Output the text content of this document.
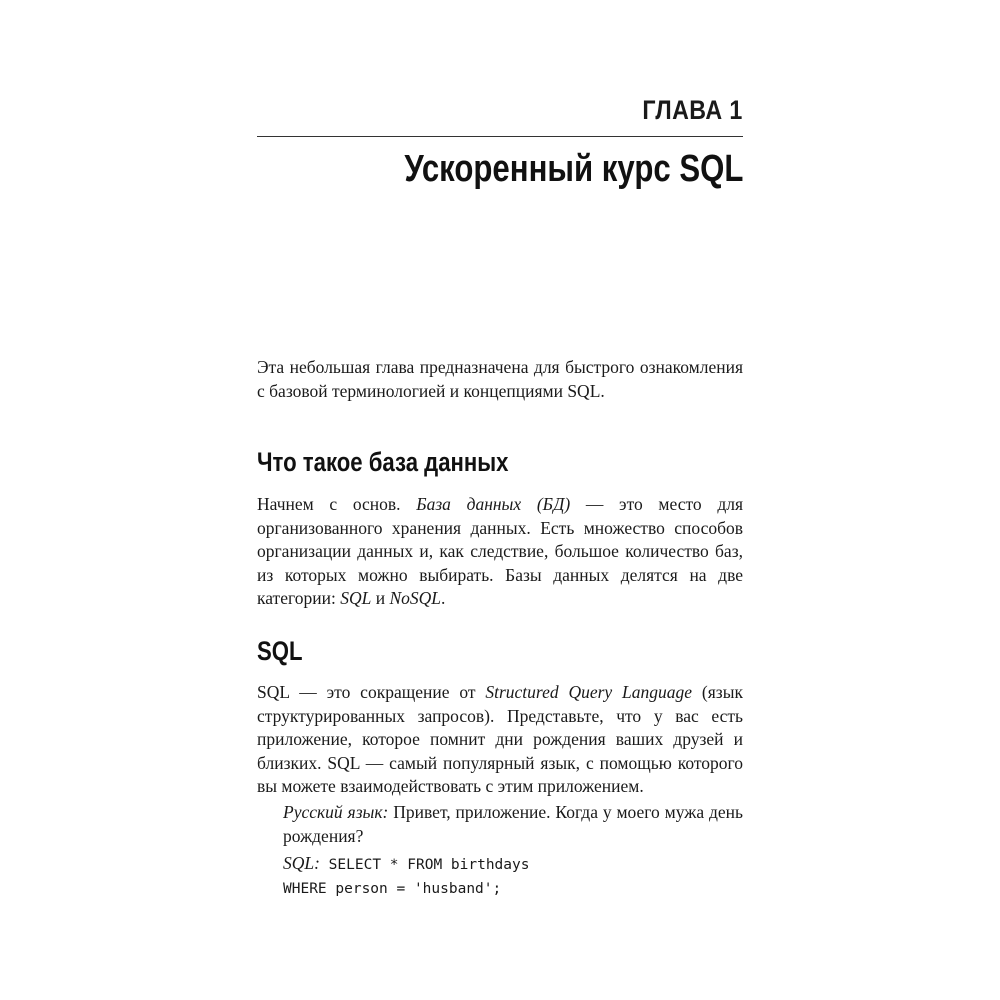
ГЛАВА 1
Ускоренный курс SQL

Эта небольшая глава предназначена для быстрого ознакомления с базовой терминологией и концепциями SQL.

Что такое база данных

Начнем с основ. База данных (БД) — это место для организованного хранения данных. Есть множество способов организации данных и, как следствие, большое количество баз, из которых можно выбирать. Базы данных делятся на две категории: SQL и NoSQL.

SQL

SQL — это сокращение от Structured Query Language (язык структурированных запросов). Представьте, что у вас есть приложение, которое помнит дни рождения ваших друзей и близких. SQL — самый популярный язык, с помощью которого вы можете взаимодействовать с этим приложением.

Русский язык: Привет, приложение. Когда у моего мужа день рождения?

SQL: SELECT * FROM birthdays
WHERE person = 'husband';
